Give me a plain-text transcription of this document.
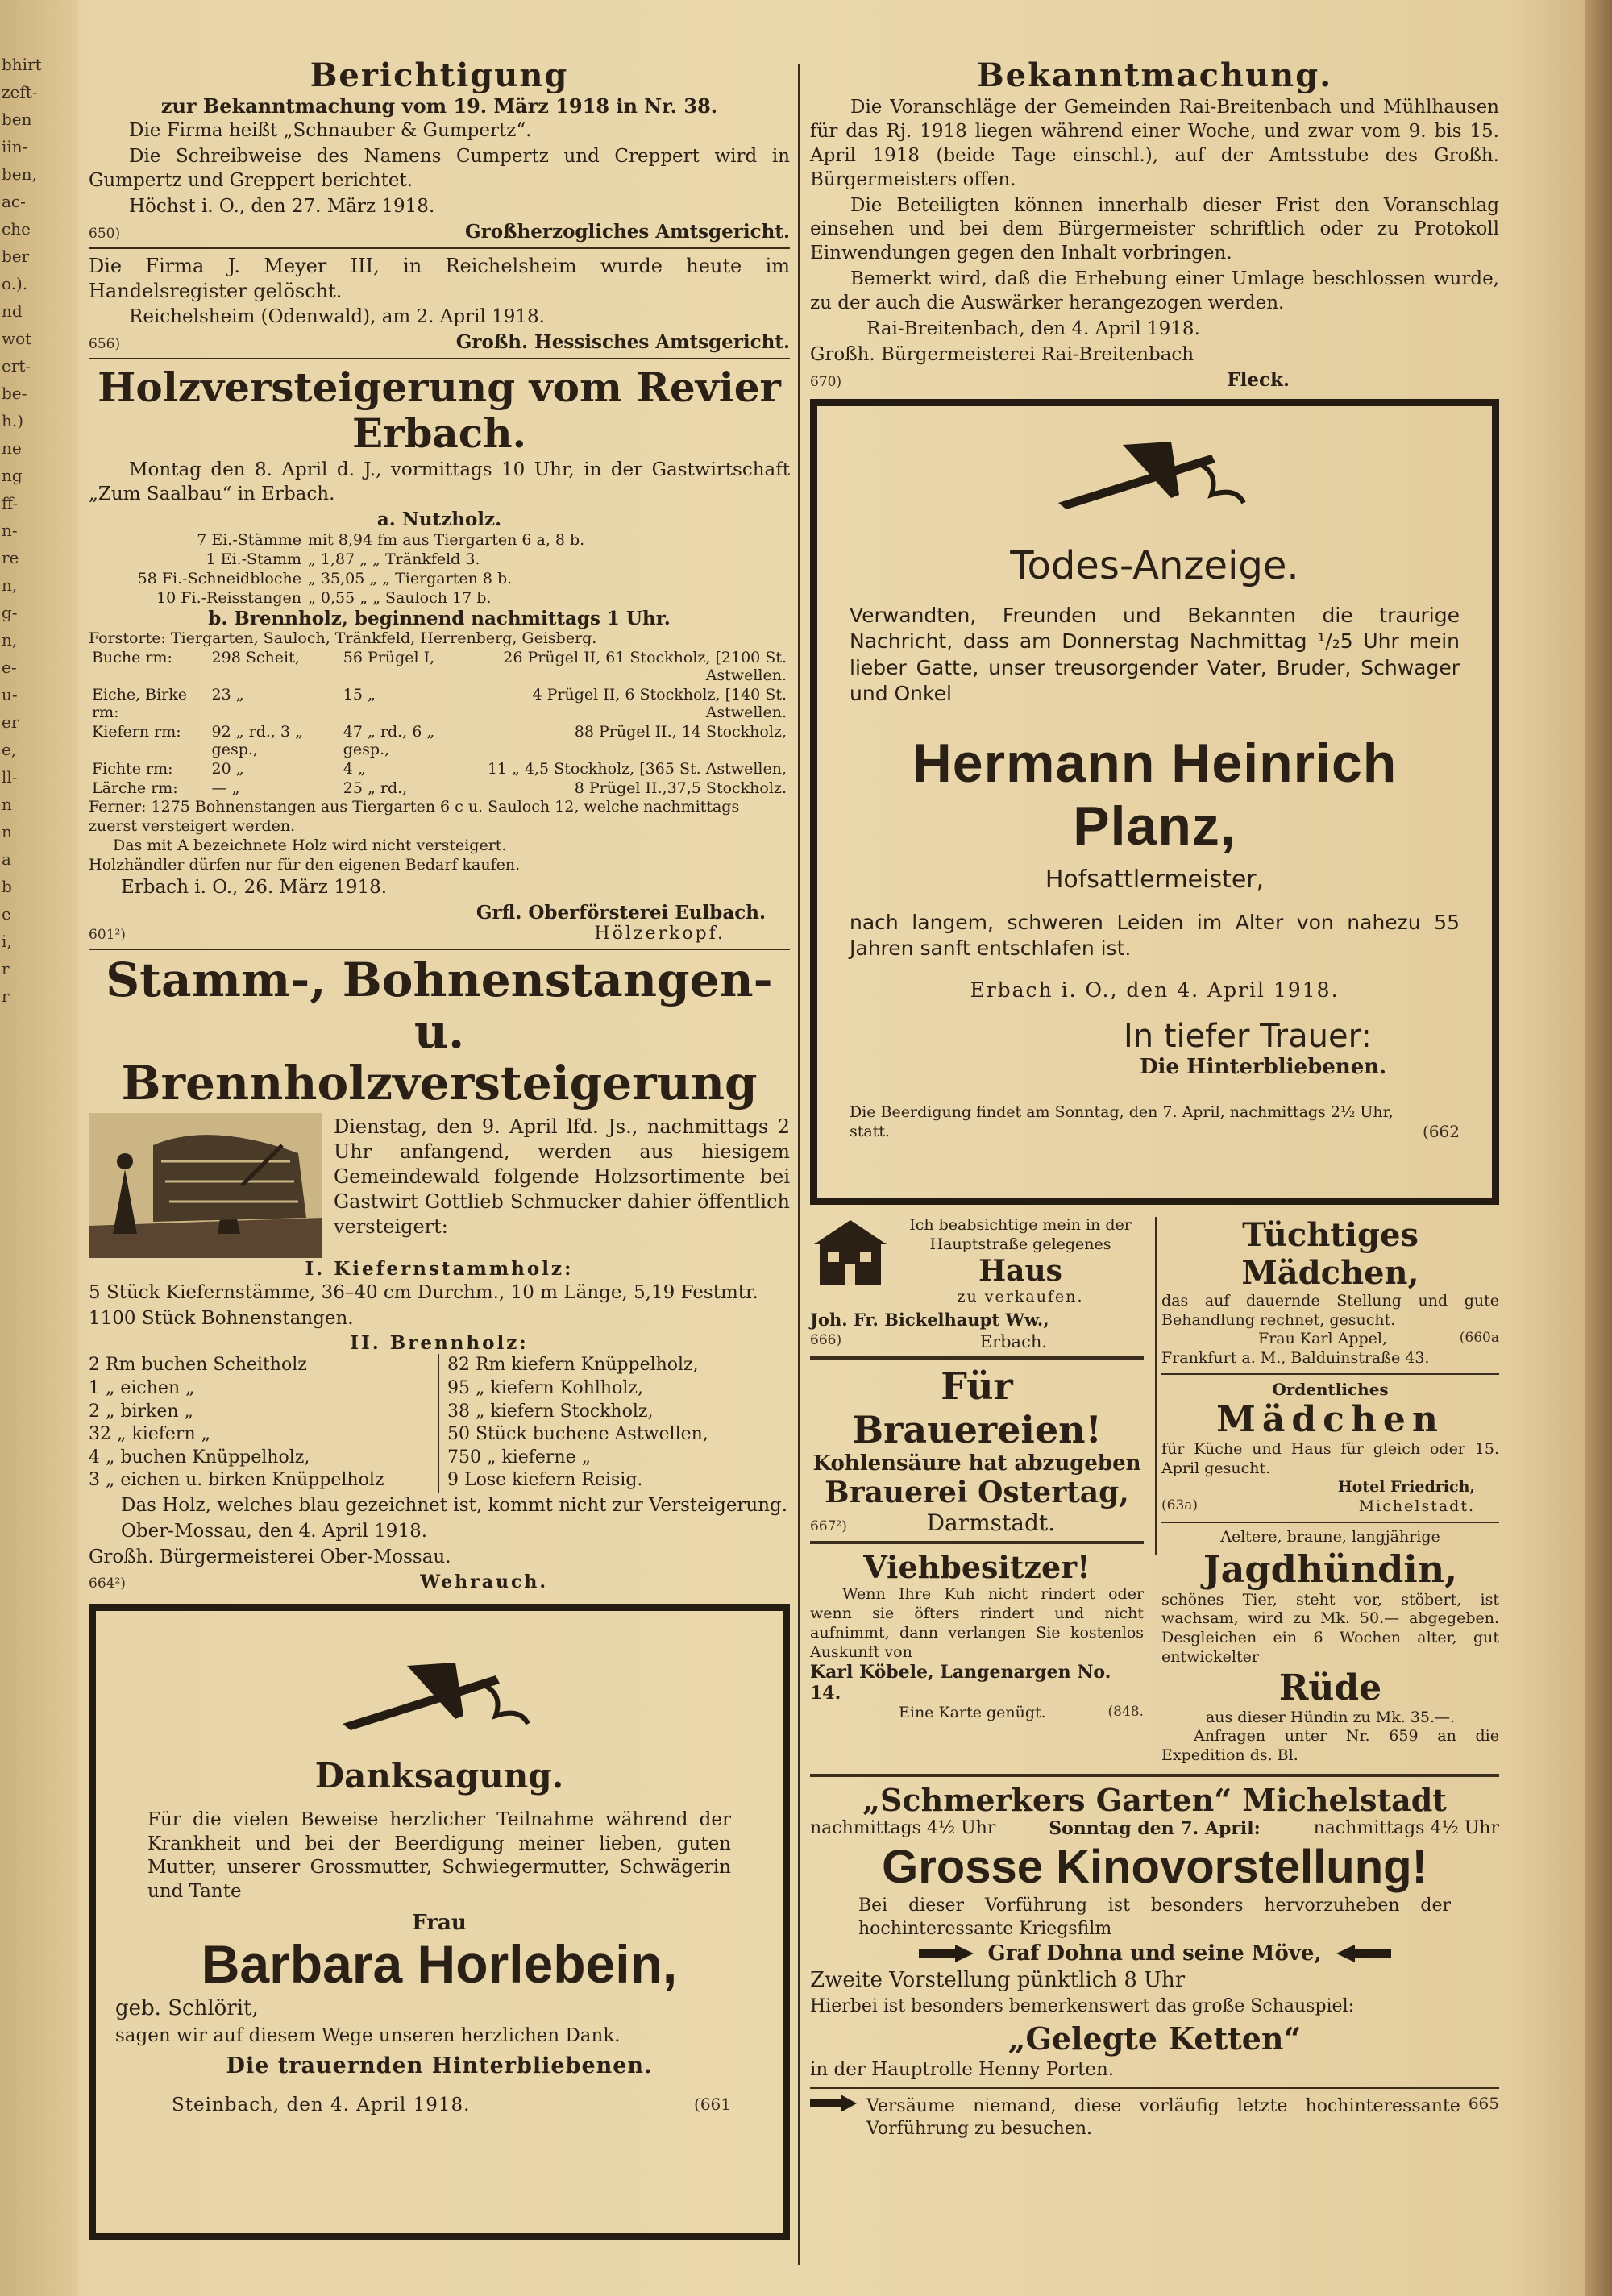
bhirt
zeft-
ben
iin-
ben,
ac-
che
ber
o.).
nd
wot
ert-
be-
h.)
ne
ng
ff-
n-
re
n,
g-
n,
e-
u-
er
e,
ll-
n
n
a
b
e
i,
r
r
Berichtigung
zur Bekanntmachung vom 19. März 1918 in Nr. 38.
Die Firma heißt „Schnauber & Gumpertz“.
Die Schreibweise des Namens Cumpertz und Creppert wird in Gumpertz und Greppert berichtet.
Höchst i. O., den 27. März 1918.
650)	Großherzogliches Amtsgericht.
Die Firma J. Meyer III, in Reichelsheim wurde heute im Handelsregister gelöscht.
Reichelsheim (Odenwald), am 2. April 1918.
656)	Großh. Hessisches Amtsgericht.
Holzversteigerung vom Revier Erbach.
Montag den 8. April d. J., vormittags 10 Uhr, in der Gastwirtschaft „Zum Saalbau“ in Erbach.
a. Nutzholz.
7 Ei.-Stämme	mit 8,94 fm aus Tiergarten 6 a, 8 b.
1 Ei.-Stamm	„ 1,87 „ „ Tränkfeld 3.
58 Fi.-Schneidbloche	„ 35,05 „ „ Tiergarten 8 b.
10 Fi.-Reisstangen	„ 0,55 „ „ Sauloch 17 b.
b. Brennholz, beginnend nachmittags 1 Uhr.
Forstorte: Tiergarten, Sauloch, Tränkfeld, Herrenberg, Geisberg.
Buche rm:	298 Scheit,	56 Prügel I,	26 Prügel II, 61 Stockholz, [2100 St. Astwellen.
Eiche, Birke rm:	23 „	15 „	4 Prügel II, 6 Stockholz, [140 St. Astwellen.
Kiefern rm:	92 „ rd., 3 „ gesp.,	47 „ rd., 6 „ gesp.,	88 Prügel II., 14 Stockholz,
Fichte rm:	20 „	4 „	11 „ 4,5 Stockholz, [365 St. Astwellen,
Lärche rm:	— „	25 „ rd.,	8 Prügel II.,37,5 Stockholz.
Ferner: 1275 Bohnenstangen aus Tiergarten 6 c u. Sauloch 12, welche nachmittags zuerst versteigert werden.
Das mit A bezeichnete Holz wird nicht versteigert.
Holzhändler dürfen nur für den eigenen Bedarf kaufen.
Erbach i. O., 26. März 1918.
Grfl. Oberförsterei Eulbach.
601²)	Hölzerkopf.
Stamm-, Bohnenstangen-
u. Brennholzversteigerung
Dienstag, den 9. April lfd. Js., nachmittags 2 Uhr anfangend, werden aus hiesigem Gemeindewald folgende Holzsortimente bei Gastwirt Gottlieb Schmucker dahier öffentlich versteigert:
I. Kiefernstammholz:
5 Stück Kiefernstämme, 36–40 cm Durchm., 10 m Länge, 5,19 Festmtr.
1100 Stück Bohnenstangen.
II. Brennholz:
2 Rm buchen Scheitholz
1 „ eichen „
2 „ birken „
32 „ kiefern „
4 „ buchen Knüppelholz,
3 „ eichen u. birken Knüppelholz
82 Rm kiefern Knüppelholz,
95 „ kiefern Kohlholz,
38 „ kiefern Stockholz,
50 Stück buchene Astwellen,
750 „ kieferne „
9 Lose kiefern Reisig.
Das Holz, welches blau gezeichnet ist, kommt nicht zur Versteigerung.
Ober-Mossau, den 4. April 1918.
Großh. Bürgermeisterei Ober-Mossau.
664²)	Wehrauch.
Danksagung.
Für die vielen Beweise herzlicher Teilnahme während der Krankheit und bei der Beerdigung meiner lieben, guten Mutter, unserer Grossmutter, Schwiegermutter, Schwägerin und Tante
Frau
Barbara Horlebein,
geb. Schlörit,
sagen wir auf diesem Wege unseren herzlichen Dank.
Die trauernden Hinterbliebenen.
Steinbach, den 4. April 1918.	(661
Bekanntmachung.
Die Voranschläge der Gemeinden Rai-Breitenbach und Mühlhausen für das Rj. 1918 liegen während einer Woche, und zwar vom 9. bis 15. April 1918 (beide Tage einschl.), auf der Amtsstube des Großh. Bürgermeisters offen.
Die Beteiligten können innerhalb dieser Frist den Voranschlag einsehen und bei dem Bürgermeister schriftlich oder zu Protokoll Einwendungen gegen den Inhalt vorbringen.
Bemerkt wird, daß die Erhebung einer Umlage beschlossen wurde, zu der auch die Auswärker herangezogen werden.
Rai-Breitenbach, den 4. April 1918.
Großh. Bürgermeisterei Rai-Breitenbach
670)	Fleck.
Todes-Anzeige.
Verwandten, Freunden und Bekannten die traurige Nachricht, dass am Donnerstag Nachmittag ¹/₂5 Uhr mein lieber Gatte, unser treusorgender Vater, Bruder, Schwager und Onkel
Hermann Heinrich Planz,
Hofsattlermeister,
nach langem, schweren Leiden im Alter von nahezu 55 Jahren sanft entschlafen ist.
Erbach i. O., den 4. April 1918.
In tiefer Trauer:
Die Hinterbliebenen.
Die Beerdigung findet am Sonntag, den 7. April, nachmittags 2½ Uhr, statt.	(662
Ich beabsichtige mein in der Hauptstraße gelegenes
Haus
zu verkaufen.
Joh. Fr. Bickelhaupt Ww.,
666)	Erbach.
Für Brauereien!
Kohlensäure hat abzugeben
Brauerei Ostertag,
667²)	Darmstadt.
Viehbesitzer!
Wenn Ihre Kuh nicht rindert oder wenn sie öfters rindert und nicht aufnimmt, dann verlangen Sie kostenlos Auskunft von
Karl Köbele, Langenargen No. 14.
Eine Karte genügt.	(848.
Tüchtiges Mädchen,
das auf dauernde Stellung und gute Behandlung rechnet, gesucht.
Frau Karl Appel,	(660a
Frankfurt a. M., Balduinstraße 43.
Ordentliches
Mädchen
für Küche und Haus für gleich oder 15. April gesucht.
Hotel Friedrich,
(63a)	Michelstadt.
Aeltere, braune, langjährige
Jagdhündin,
schönes Tier, steht vor, stöbert, ist wachsam, wird zu Mk. 50.— abgegeben. Desgleichen ein 6 Wochen alter, gut entwickelter
Rüde
aus dieser Hündin zu Mk. 35.—.
Anfragen unter Nr. 659 an die Expedition ds. Bl.
„Schmerkers Garten“ Michelstadt
nachmittags 4½ Uhr	Sonntag den 7. April:	nachmittags 4½ Uhr
Grosse Kinovorstellung!
Bei dieser Vorführung ist besonders hervorzuheben der hochinteressante Kriegsfilm
Graf Dohna und seine Möve,
Zweite Vorstellung pünktlich 8 Uhr
Hierbei ist besonders bemerkenswert das große Schauspiel:
„Gelegte Ketten“
in der Hauptrolle Henny Porten.
Versäume niemand, diese vorläufig letzte hochinteressante Vorführung zu besuchen.
665
